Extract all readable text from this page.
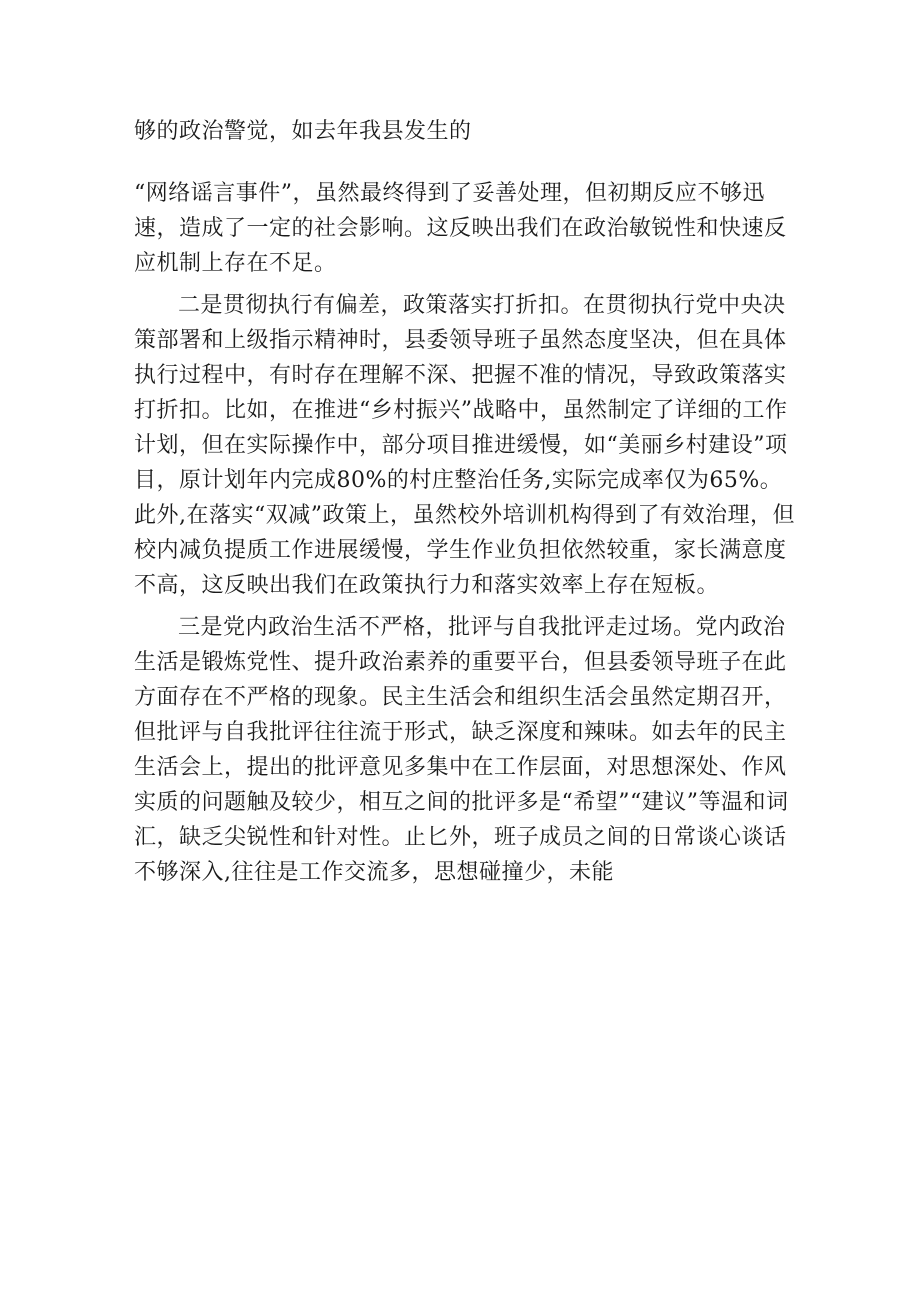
够的政治警觉，如去年我县发生的

“网络谣言事件”，虽然最终得到了妥善处理，但初期反应不够迅速，造成了一定的社会影响。这反映出我们在政治敏锐性和快速反应机制上存在不足。

二是贯彻执行有偏差，政策落实打折扣。在贯彻执行党中央决策部署和上级指示精神时，县委领导班子虽然态度坚决，但在具体执行过程中，有时存在理解不深、把握不准的情况，导致政策落实打折扣。比如，在推进“乡村振兴”战略中，虽然制定了详细的工作计划，但在实际操作中，部分项目推进缓慢，如“美丽乡村建设”项目，原计划年内完成80%的村庄整治任务,实际完成率仅为65%。此外,在落实“双减”政策上，虽然校外培训机构得到了有效治理，但校内减负提质工作进展缓慢，学生作业负担依然较重，家长满意度不高，这反映出我们在政策执行力和落实效率上存在短板。

三是党内政治生活不严格，批评与自我批评走过场。党内政治生活是锻炼党性、提升政治素养的重要平台，但县委领导班子在此方面存在不严格的现象。民主生活会和组织生活会虽然定期召开，但批评与自我批评往往流于形式，缺乏深度和辣味。如去年的民主生活会上，提出的批评意见多集中在工作层面，对思想深处、作风实质的问题触及较少，相互之间的批评多是“希望”“建议”等温和词汇，缺乏尖锐性和针对性。止匕外，班子成员之间的日常谈心谈话不够深入,往往是工作交流多，思想碰撞少，未能
